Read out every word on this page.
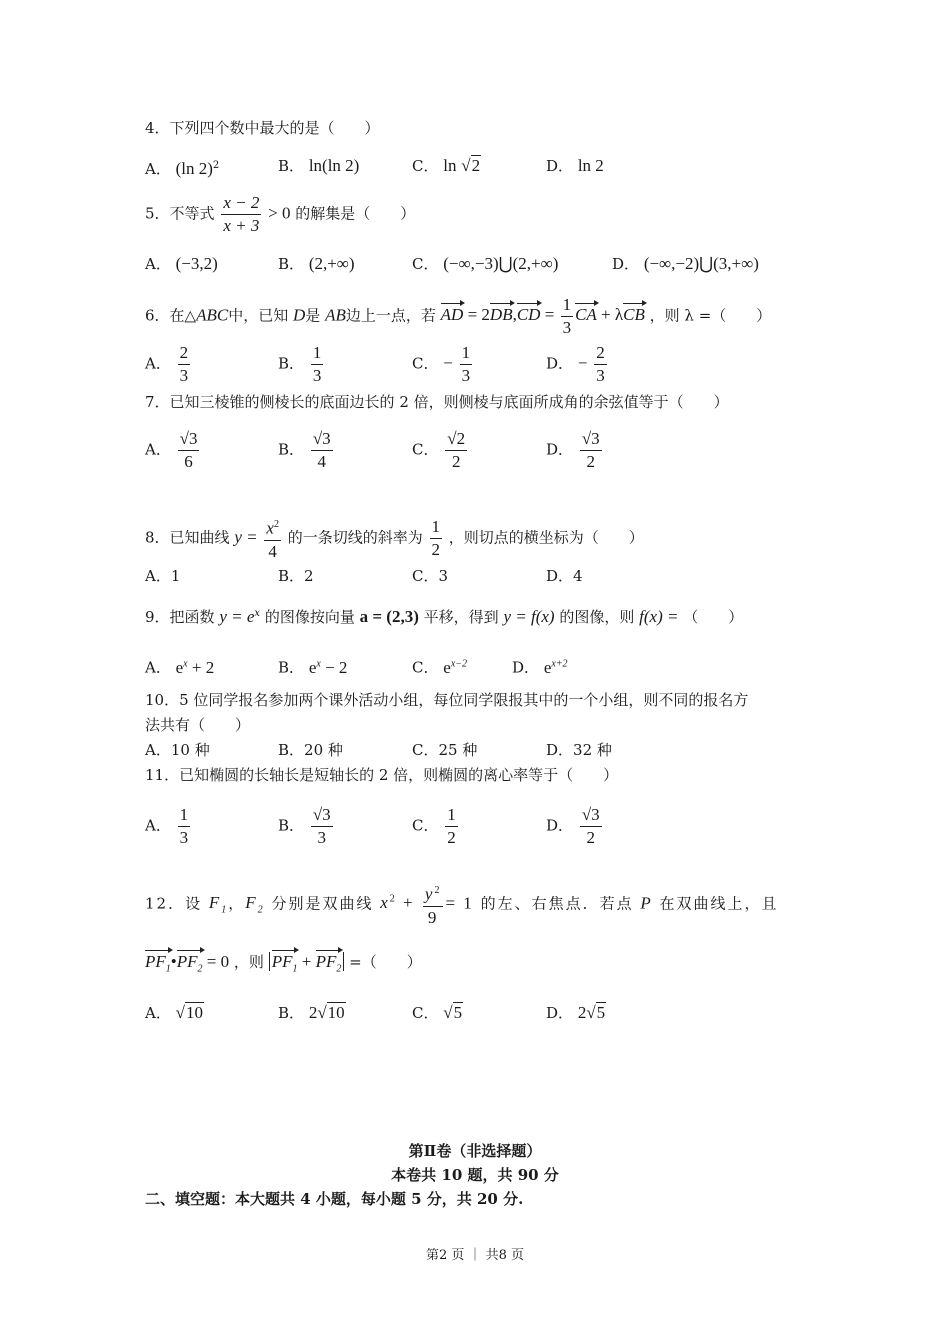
4．下列四个数中最大的是（　　）
A． (ln 2)$^2$	B． ln(ln 2)	C． ln √2	D． ln 2
5．不等式 $\frac{x - 2}{x + 3} > 0$ 的解集是（　　）
A． (−3,2)	B． (2,+∞)	C． (−∞,−3)⋃(2,+∞)	D． (−∞,−2)⋃(3,+∞)
6．在△ABC中，已知 D是 AB边上一点，若 AD = $2DB,CD = \frac{1}{3}$ CA + λCB ，则 λ =（　　）
A． $\frac{2}{3}$	B． $\frac{1}{3}$	C． − $\frac{1}{3}$	D． − $\frac{2}{3}$
7．已知三棱锥的侧棱长的底面边长的 2 倍，则侧棱与底面所成角的余弦值等于（　　）
A． $\frac{√3}{6}$	B． $\frac{√3}{4}$	C． $\frac{√2}{2}$	D． $\frac{√3}{2}$
8．已知曲线 $y = \frac{x^2}{4}$ 的一条切线的斜率为 $\frac{1}{2}$ ，则切点的横坐标为（　　）
A．1	B．2	C．3	D．4
9．把函数 $y = e^x$ 的图像按向量 a = (2,3) 平移，得到 y = f(x) 的图像，则 f(x) = （　　）
A． $e^x + 2$	B． $e^x - 2$	C． $e^{x-2}$	D． $e^{x+2}$
10．5 位同学报名参加两个课外活动小组，每位同学限报其中的一个小组，则不同的报名方
法共有（　　）
A．10 种	B．20 种	C．25 种	D．32 种
11．已知椭圆的长轴长是短轴长的 2 倍，则椭圆的离心率等于（　　）
A． $\frac{1}{3}$	B． $\frac{√3}{3}$	C． $\frac{1}{2}$	D． $\frac{√3}{2}$
12．设 $F_1$，$F_2$ 分别是双曲线 $x^2 + \frac{y^2}{9} = 1$ 的左、右焦点．若点 P 在双曲线上，且
$PF_1•PF_2 = 0$ ，则 $PF_1 + PF_2$ =（　　）
A． √10	B． 2√10	C． √5	D． 2√5
第Ⅱ卷（非选择题）
本卷共 10 题，共 90 分
二、填空题：本大题共 4 小题，每小题 5 分，共 20 分.
第2 页 ｜ 共8 页
